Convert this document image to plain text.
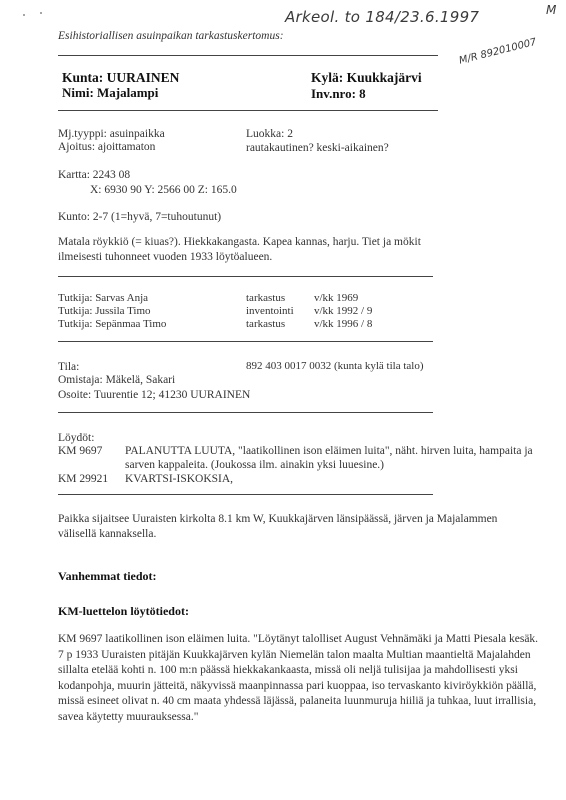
Arkeol. to 184/23.6.1997	M
M/R 892010007
Esihistoriallisen asuinpaikan tarkastuskertomus:
Kunta: UURAINEN
Nimi: Majalampi
Kylä: Kuukkajärvi
Inv.nro: 8
Mj.tyyppi: asuinpaikka
Ajoitus: ajoittamaton
Luokka: 2
rautakautinen? keski-aikainen?
Kartta: 2243 08
X: 6930 90 Y: 2566 00 Z: 165.0
Kunto: 2-7 (1=hyvä, 7=tuhoutunut)
Matala röykkiö (= kiuas?). Hiekkakangasta. Kapea kannas, harju. Tiet ja mökit ilmeisesti tuhonneet vuoden 1933 löytöalueen.
Tutkija: Sarvas Anja	tarkastus	v/kk 1969
Tutkija: Jussila Timo	inventointi v/kk 1992 / 9
Tutkija: Sepänmaa Timo	tarkastus	v/kk 1996 / 8
Tila:	892 403 0017 0032 (kunta kylä tila talo)
Omistaja: Mäkelä, Sakari
Osoite: Tuurentie 12; 41230 UURAINEN
Löydöt:
KM 9697 PALANUTTA LUUTA, "laatikollinen ison eläimen luita", näht. hirven luita, hampaita ja
sarven kappaleita. (Joukossa ilm. ainakin yksi luuesine.)
KM 29921 KVARTSI-ISKOKSIA,
Paikka sijaitsee Uuraisten kirkolta 8.1 km W, Kuukkajärven länsipäässä, järven ja Majalammen välisellä kannaksella.
Vanhemmat tiedot:
KM-luettelon löytötiedot:
KM 9697 laatikollinen ison eläimen luita. "Löytänyt talolliset August Vehnämäki ja Matti Piesala kesäk. 7 p 1933 Uuraisten pitäjän Kuukkajärven kylän Niemelän talon maalta Multian maantieltä Majalahden sillalta etelää kohti n. 100 m:n päässä hiekkakankaasta, missä oli neljä tulisijaa ja mahdollisesti yksi kodanpohja, muurin jätteitä, näkyvissä maanpinnassa pari kuoppaa, iso tervaskanto kiviröykkiön päällä, missä esineet olivat n. 40 cm maata yhdessä läjässä, palaneita luunmuruja hiiliä ja tuhkaa, luut irrallisia, savea käytetty muurauksessa."
